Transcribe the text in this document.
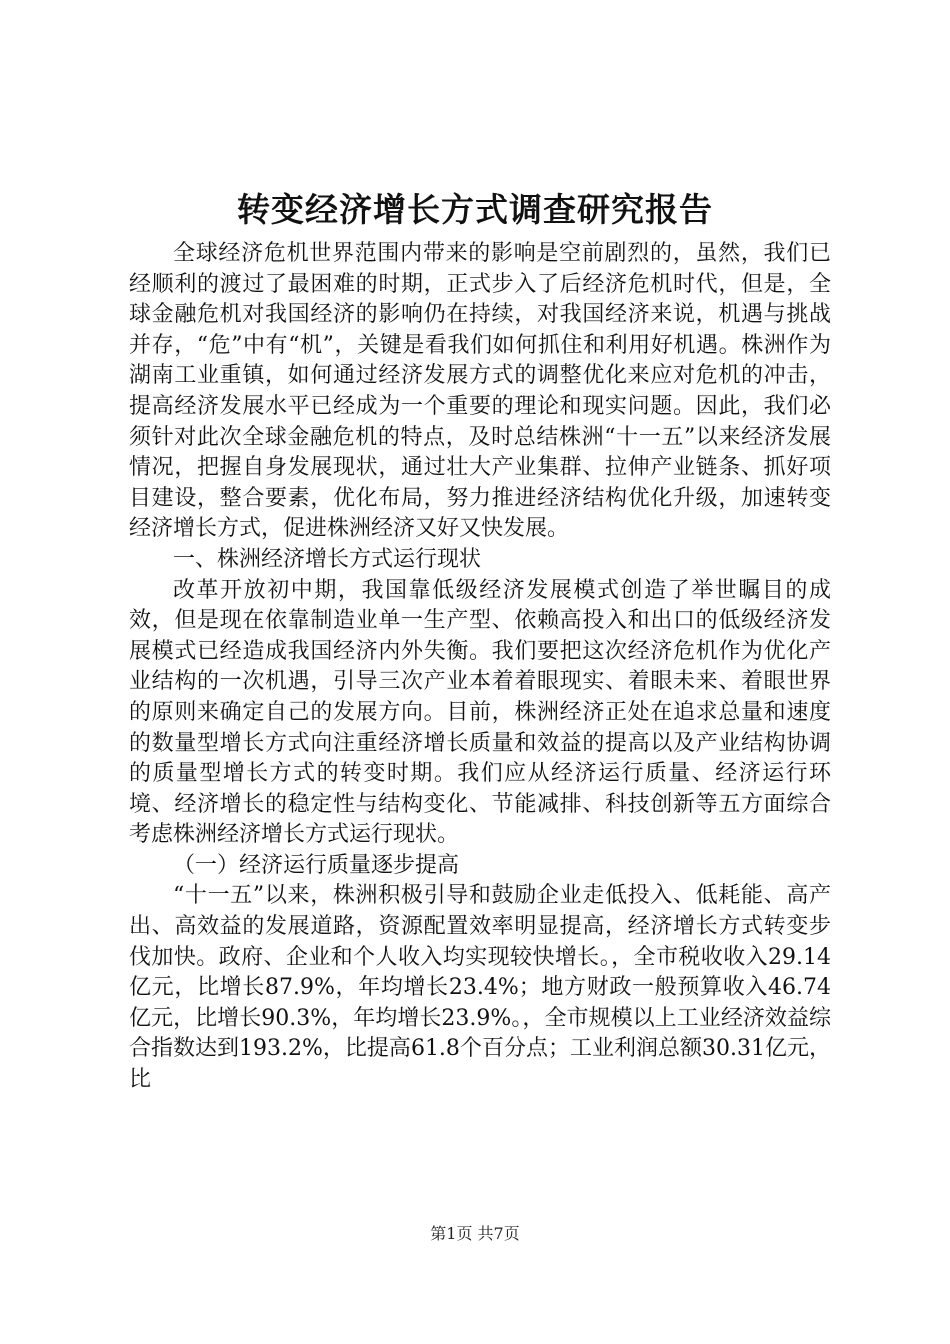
转变经济增长方式调查研究报告

全球经济危机世界范围内带来的影响是空前剧烈的，虽然，我们已经顺利的渡过了最困难的时期，正式步入了后经济危机时代，但是，全球金融危机对我国经济的影响仍在持续，对我国经济来说，机遇与挑战并存，“危”中有“机”，关键是看我们如何抓住和利用好机遇。株洲作为湖南工业重镇，如何通过经济发展方式的调整优化来应对危机的冲击，提高经济发展水平已经成为一个重要的理论和现实问题。因此，我们必须针对此次全球金融危机的特点，及时总结株洲“十一五”以来经济发展情况，把握自身发展现状，通过壮大产业集群、拉伸产业链条、抓好项目建设，整合要素，优化布局，努力推进经济结构优化升级，加速转变经济增长方式，促进株洲经济又好又快发展。

一、株洲经济增长方式运行现状

改革开放初中期，我国靠低级经济发展模式创造了举世瞩目的成效，但是现在依靠制造业单一生产型、依赖高投入和出口的低级经济发展模式已经造成我国经济内外失衡。我们要把这次经济危机作为优化产业结构的一次机遇，引导三次产业本着着眼现实、着眼未来、着眼世界的原则来确定自己的发展方向。目前，株洲经济正处在追求总量和速度的数量型增长方式向注重经济增长质量和效益的提高以及产业结构协调的质量型增长方式的转变时期。我们应从经济运行质量、经济运行环境、经济增长的稳定性与结构变化、节能减排、科技创新等五方面综合考虑株洲经济增长方式运行现状。

（一）经济运行质量逐步提高

“十一五”以来，株洲积极引导和鼓励企业走低投入、低耗能、高产出、高效益的发展道路，资源配置效率明显提高，经济增长方式转变步伐加快。政府、企业和个人收入均实现较快增长。，全市税收收入29.14亿元，比增长87.9%，年均增长23.4%；地方财政一般预算收入46.74亿元，比增长90.3%，年均增长23.9%。，全市规模以上工业经济效益综合指数达到193.2%，比提高61.8个百分点；工业利润总额30.31亿元，比

第1页 共7页
